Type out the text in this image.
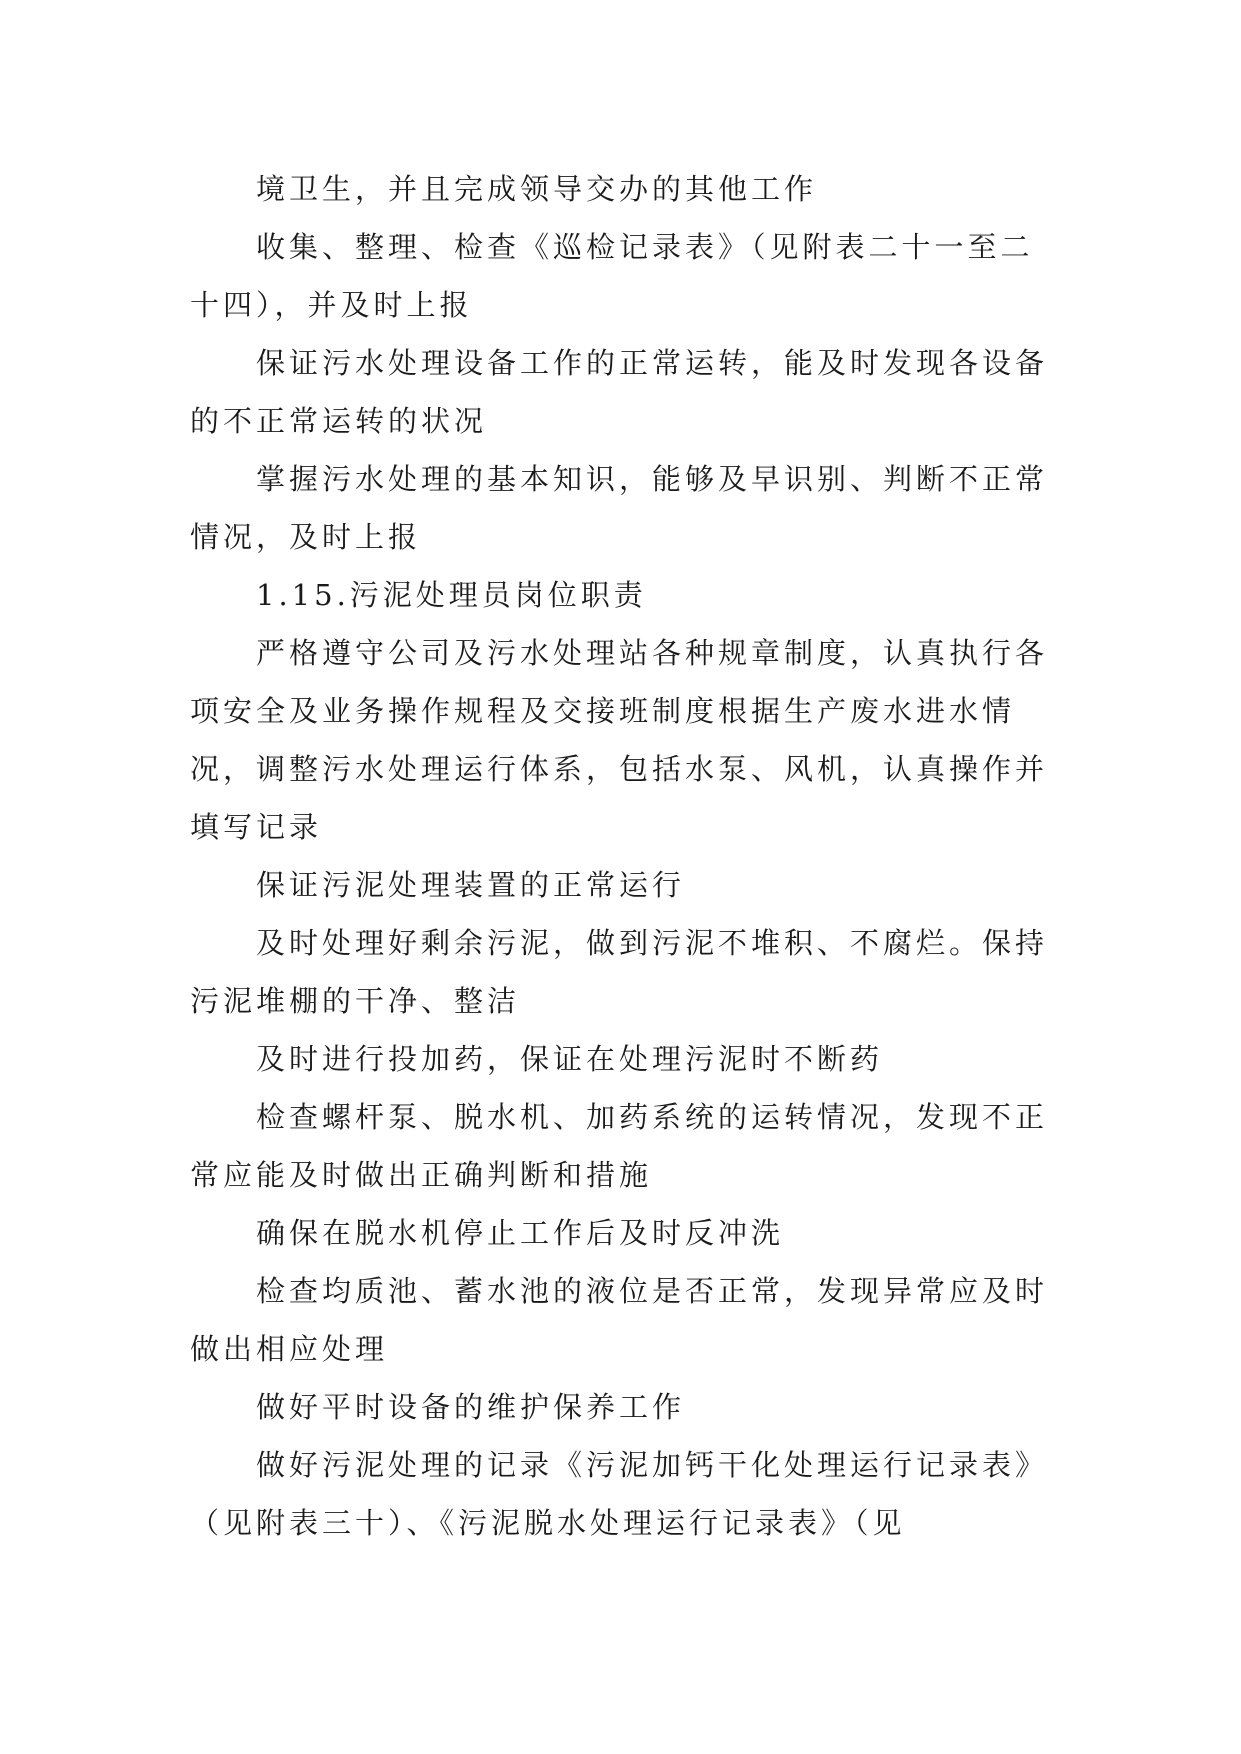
境卫生，并且完成领导交办的其他工作

收集、整理、检查《巡检记录表》（见附表二十一至二十四），并及时上报

保证污水处理设备工作的正常运转，能及时发现各设备的不正常运转的状况

掌握污水处理的基本知识，能够及早识别、判断不正常情况，及时上报

1.15.污泥处理员岗位职责

严格遵守公司及污水处理站各种规章制度，认真执行各项安全及业务操作规程及交接班制度根据生产废水进水情况，调整污水处理运行体系，包括水泵、风机，认真操作并填写记录

保证污泥处理装置的正常运行

及时处理好剩余污泥，做到污泥不堆积、不腐烂。保持污泥堆棚的干净、整洁

及时进行投加药，保证在处理污泥时不断药

检查螺杆泵、脱水机、加药系统的运转情况，发现不正常应能及时做出正确判断和措施

确保在脱水机停止工作后及时反冲洗

检查均质池、蓄水池的液位是否正常，发现异常应及时做出相应处理

做好平时设备的维护保养工作

做好污泥处理的记录《污泥加钙干化处理运行记录表》（见附表三十）、《污泥脱水处理运行记录表》（见
